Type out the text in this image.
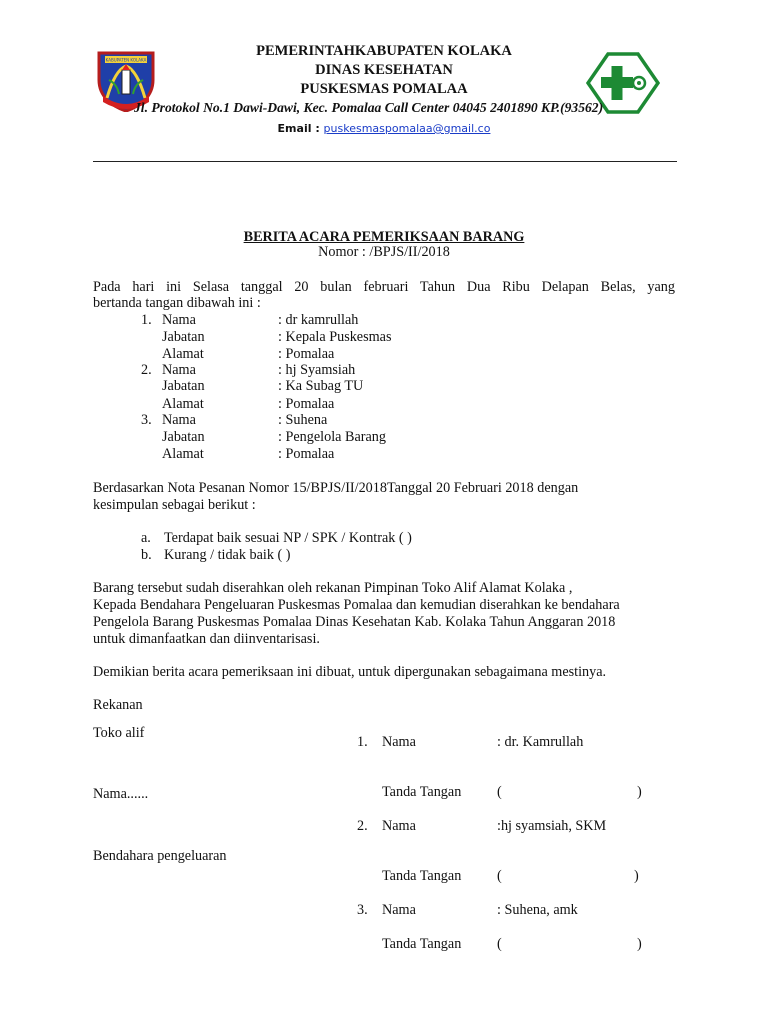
KABUPATEN KOLAKA
PEMERINTAHKABUPATEN KOLAKA
DINAS KESEHATAN
PUSKESMAS POMALAA
Jl. Protokol No.1 Dawi-Dawi, Kec. Pomalaa Call Center 04045 2401890 KP.(93562)
Email : puskesmaspomalaa@gmail.co
BERITA ACARA PEMERIKSAAN BARANG
Nomor : /BPJS/II/2018
Pada hari ini Selasa tanggal 20 bulan februari Tahun Dua Ribu Delapan Belas, yang
bertanda tangan dibawah ini :
1. Nama	: dr kamrullah
Jabatan	: Kepala Puskesmas
Alamat	: Pomalaa
2. Nama	: hj Syamsiah
Jabatan	: Ka Subag TU
Alamat	: Pomalaa
3. Nama	: Suhena
Jabatan	: Pengelola Barang
Alamat	: Pomalaa
Berdasarkan Nota Pesanan Nomor 15/BPJS/II/2018Tanggal 20 Februari 2018 dengan
kesimpulan sebagai berikut :
a. Terdapat baik sesuai NP / SPK / Kontrak ( )
b. Kurang / tidak baik ( )
Barang tersebut sudah diserahkan oleh rekanan Pimpinan Toko Alif Alamat Kolaka ,
Kepada Bendahara Pengeluaran Puskesmas Pomalaa dan kemudian diserahkan ke bendahara
Pengelola Barang Puskesmas Pomalaa Dinas Kesehatan Kab. Kolaka Tahun Anggaran 2018
untuk dimanfaatkan dan diinventarisasi.
Demikian berita acara pemeriksaan ini dibuat, untuk dipergunakan sebagaimana mestinya.
Rekanan
Toko alif
Nama......
Bendahara pengeluaran
1. Nama	: dr. Kamrullah
Tanda Tangan	(	)
2. Nama	:hj syamsiah, SKM
Tanda Tangan	(	)
3. Nama	: Suhena, amk
Tanda Tangan	(	)
